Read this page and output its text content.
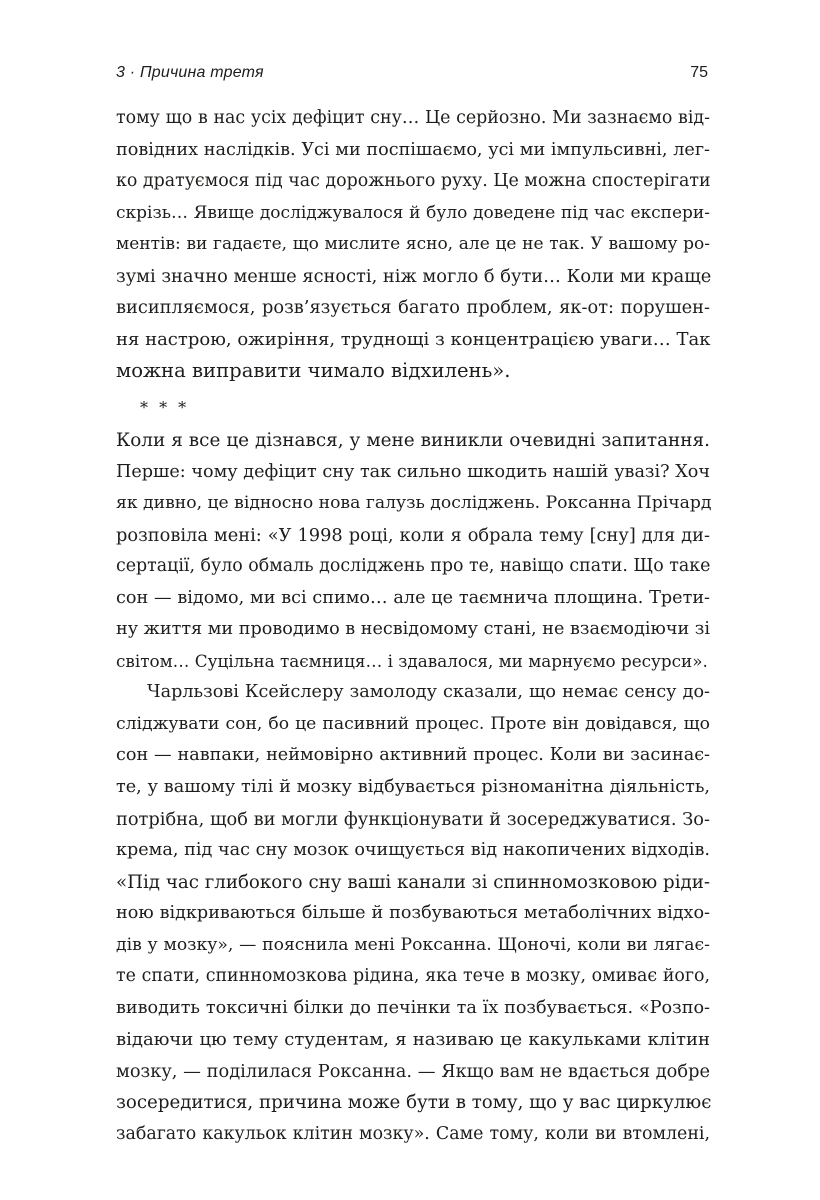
3 · Причина третя	75
тому що в нас усіх дефіцит сну… Це серйозно. Ми зазнаємо від-
повідних наслідків. Усі ми поспішаємо, усі ми імпульсивні, лег-
ко дратуємося під час дорожнього руху. Це можна спостерігати
скрізь… Явище досліджувалося й було доведене під час експери-
ментів: ви гадаєте, що мислите ясно, але це не так. У вашому ро-
зумі значно менше ясності, ніж могло б бути… Коли ми краще
висипляємося, розв’язується багато проблем, як-от: порушен-
ня настрою, ожиріння, труднощі з концентрацією уваги… Так
можна виправити чимало відхилень».
* * *
Коли я все це дізнався, у мене виникли очевидні запитання.
Перше: чому дефіцит сну так сильно шкодить нашій увазі? Хоч
як дивно, це відносно нова галузь досліджень. Роксанна Прічард
розповіла мені: «У 1998 році, коли я обрала тему [сну] для ди-
сертації, було обмаль досліджень про те, навіщо спати. Що таке
сон — відомо, ми всі спимо… але це таємнича площина. Трети-
ну життя ми проводимо в несвідомому стані, не взаємодіючи зі
світом… Суцільна таємниця… і здавалося, ми марнуємо ресурси».
Чарльзові Ксейслеру замолоду сказали, що немає сенсу до-
сліджувати сон, бо це пасивний процес. Проте він довідався, що
сон — навпаки, неймовірно активний процес. Коли ви засинає-
те, у вашому тілі й мозку відбувається різноманітна діяльність,
потрібна, щоб ви могли функціонувати й зосереджуватися. Зо-
крема, під час сну мозок очищується від накопичених відходів.
«Під час глибокого сну ваші канали зі спинномозковою ріди-
ною відкриваються більше й позбуваються метаболічних відхо-
дів у мозку», — пояснила мені Роксанна. Щоночі, коли ви лягає-
те спати, спинномозкова рідина, яка тече в мозку, омиває його,
виводить токсичні білки до печінки та їх позбувається. «Розпо-
відаючи цю тему студентам, я називаю це какульками клітин
мозку, — поділилася Роксанна. — Якщо вам не вдається добре
зосередитися, причина може бути в тому, що у вас циркулює
забагато какульок клітин мозку». Саме тому, коли ви втомлені,
